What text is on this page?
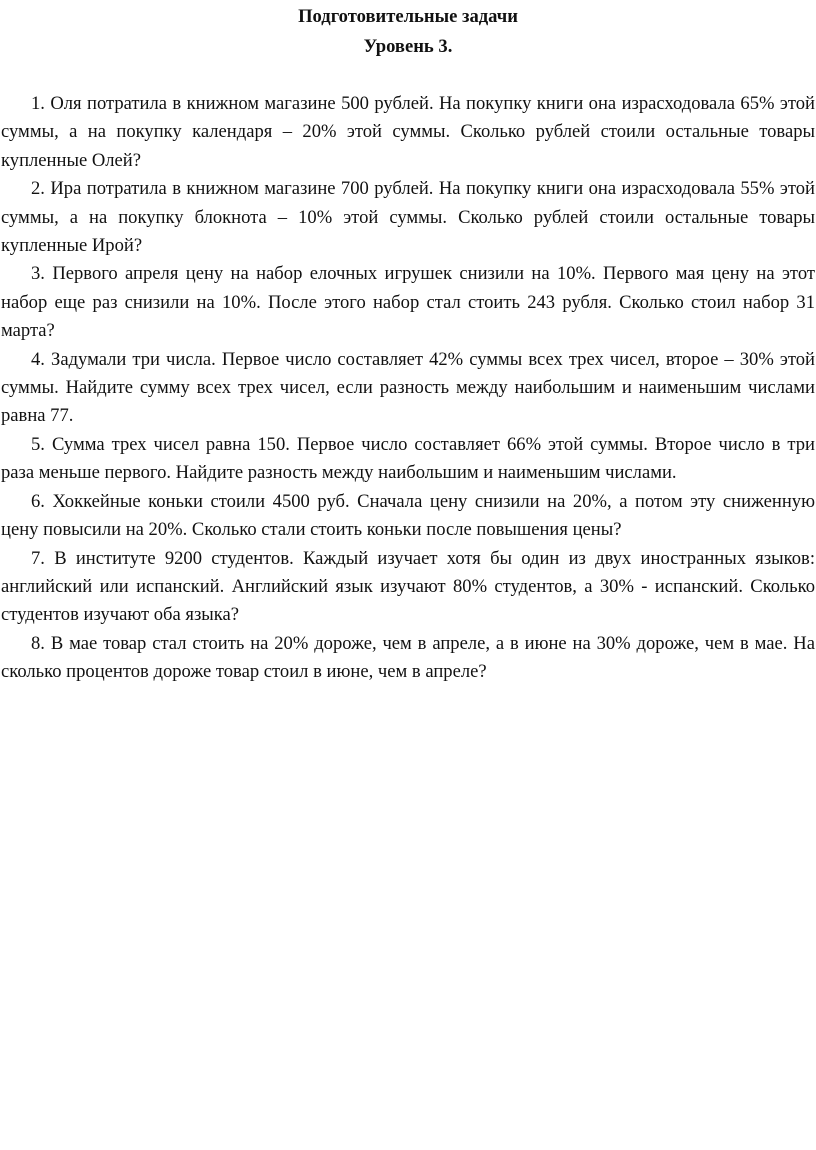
Подготовительные задачи
Уровень 3.
1. Оля потратила в книжном магазине 500 рублей. На покупку книги она израсходовала 65% этой суммы, а на покупку календаря – 20% этой суммы. Сколько рублей стоили остальные товары купленные Олей?
2. Ира потратила в книжном магазине 700 рублей. На покупку книги она израсходовала 55% этой суммы, а на покупку блокнота – 10% этой суммы. Сколько рублей стоили остальные товары купленные Ирой?
3. Первого апреля цену на набор елочных игрушек снизили на 10%. Первого мая цену на этот набор еще раз снизили на 10%. После этого набор стал стоить 243 рубля. Сколько стоил набор 31 марта?
4. Задумали три числа. Первое число составляет 42% суммы всех трех чисел, второе – 30% этой суммы. Найдите сумму всех трех чисел, если разность между наибольшим и наименьшим числами равна 77.
5. Сумма трех чисел равна 150. Первое число составляет 66% этой суммы. Второе число в три раза меньше первого. Найдите разность между наибольшим и наименьшим числами.
6. Хоккейные коньки стоили 4500 руб. Сначала цену снизили на 20%, а потом эту сниженную цену повысили на 20%. Сколько стали стоить коньки после повышения цены?
7. В институте 9200 студентов. Каждый изучает хотя бы один из двух иностранных языков: английский или испанский. Английский язык изучают 80% студентов, а 30% - испанский. Сколько студентов изучают оба языка?
8. В мае товар стал стоить на 20% дороже, чем в апреле, а в июне на 30% дороже, чем в мае. На сколько процентов дороже товар стоил в июне, чем в апреле?
